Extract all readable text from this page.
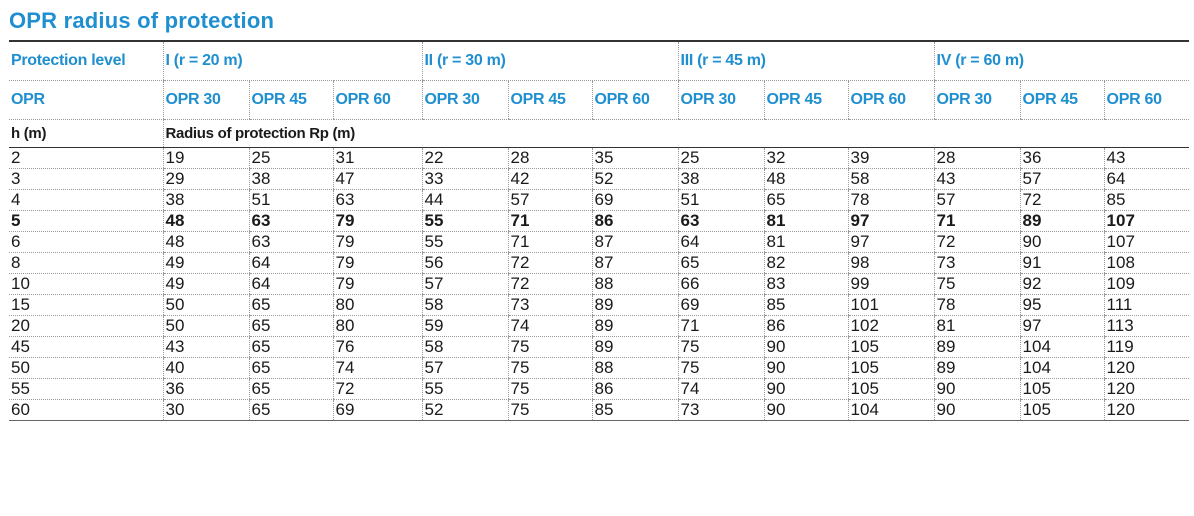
OPR radius of protection
Protection level	I (r = 20 m)			II (r = 30 m)			III (r = 45 m)			IV (r = 60 m)		
OPR	OPR 30	OPR 45	OPR 60	OPR 30	OPR 45	OPR 60	OPR 30	OPR 45	OPR 60	OPR 30	OPR 45	OPR 60
h (m)	Radius of protection Rp (m)											
2	19	25	31	22	28	35	25	32	39	28	36	43
3	29	38	47	33	42	52	38	48	58	43	57	64
4	38	51	63	44	57	69	51	65	78	57	72	85
5	48	63	79	55	71	86	63	81	97	71	89	107
6	48	63	79	55	71	87	64	81	97	72	90	107
8	49	64	79	56	72	87	65	82	98	73	91	108
10	49	64	79	57	72	88	66	83	99	75	92	109
15	50	65	80	58	73	89	69	85	101	78	95	111
20	50	65	80	59	74	89	71	86	102	81	97	113
45	43	65	76	58	75	89	75	90	105	89	104	119
50	40	65	74	57	75	88	75	90	105	89	104	120
55	36	65	72	55	75	86	74	90	105	90	105	120
60	30	65	69	52	75	85	73	90	104	90	105	120
